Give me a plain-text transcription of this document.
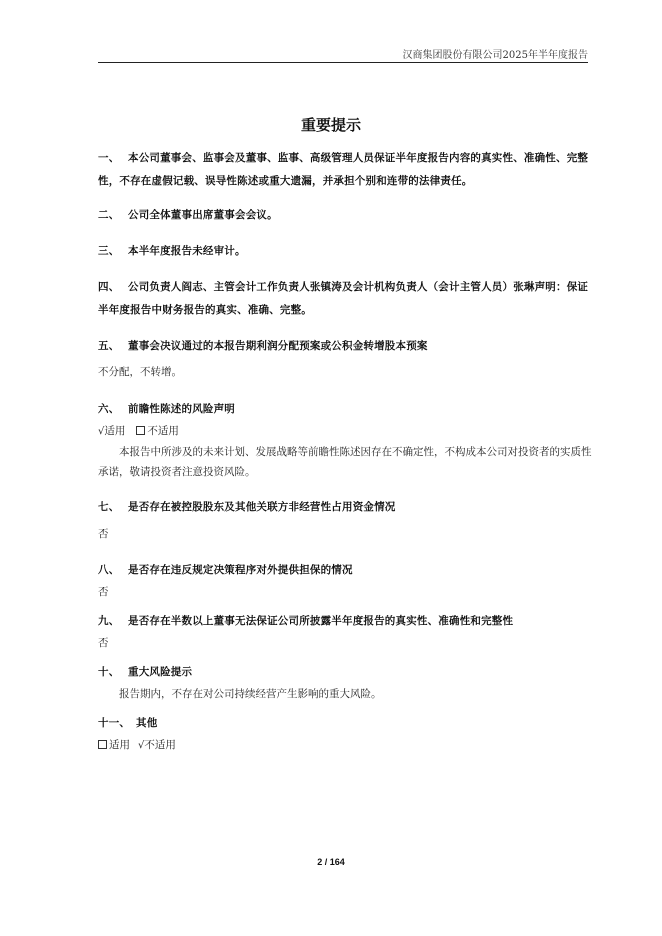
汉商集团股份有限公司2025年半年度报告
重要提示
一、 本公司董事会、监事会及董事、监事、高级管理人员保证半年度报告内容的真实性、准确性、完整性，不存在虚假记载、误导性陈述或重大遗漏，并承担个别和连带的法律责任。
二、 公司全体董事出席董事会会议。
三、 本半年度报告未经审计。
四、 公司负责人阎志、主管会计工作负责人张镇涛及会计机构负责人（会计主管人员）张琳声明：保证半年度报告中财务报告的真实、准确、完整。
五、 董事会决议通过的本报告期利润分配预案或公积金转增股本预案
不分配，不转增。
六、 前瞻性陈述的风险声明
√适用 不适用
本报告中所涉及的未来计划、发展战略等前瞻性陈述因存在不确定性，不构成本公司对投资者的实质性承诺，敬请投资者注意投资风险。
七、 是否存在被控股股东及其他关联方非经营性占用资金情况
否
八、 是否存在违反规定决策程序对外提供担保的情况
否
九、 是否存在半数以上董事无法保证公司所披露半年度报告的真实性、准确性和完整性
否
十、 重大风险提示
报告期内，不存在对公司持续经营产生影响的重大风险。
十一、 其他
适用 √不适用
2 / 164
